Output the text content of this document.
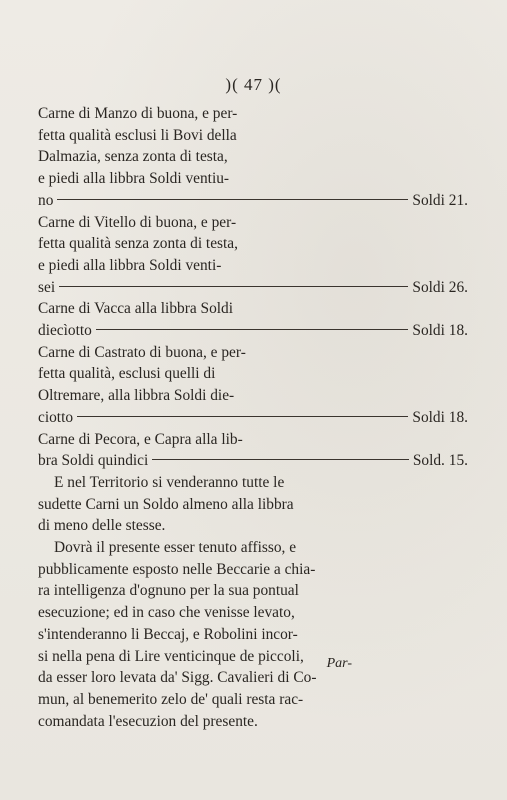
)( 47 )(
Carne di Manzo di buona, e per-
fetta qualità esclusi li Bovi della
Dalmazia, senza zonta di testa,
e piedi alla libbra Soldi ventiu-
no	Soldi 21.
Carne di Vitello di buona, e per-
fetta qualità senza zonta di testa,
e piedi alla libbra Soldi venti-
sei	Soldi 26.
Carne di Vacca alla libbra Soldi
diecìotto	Soldi 18.
Carne di Castrato di buona, e per-
fetta qualità, esclusi quelli di
Oltremare, alla libbra Soldi die-
ciotto	Soldi 18.
Carne di Pecora, e Capra alla lib-
bra Soldi quindici	Sold. 15.
E nel Territorio si venderanno tutte le
sudette Carni un Soldo almeno alla libbra
di meno delle stesse.
Dovrà il presente esser tenuto affisso, e
pubblicamente esposto nelle Beccarie a chia-
ra intelligenza d'ognuno per la sua pontual
esecuzione; ed in caso che venisse levato,
s'intenderanno li Beccaj, e Robolini incor-
si nella pena di Lire venticinque de piccoli,
da esser loro levata da' Sigg. Cavalieri di Co-
mun, al benemerito zelo de' quali resta rac-
comandata l'esecuzion del presente.
Par-
